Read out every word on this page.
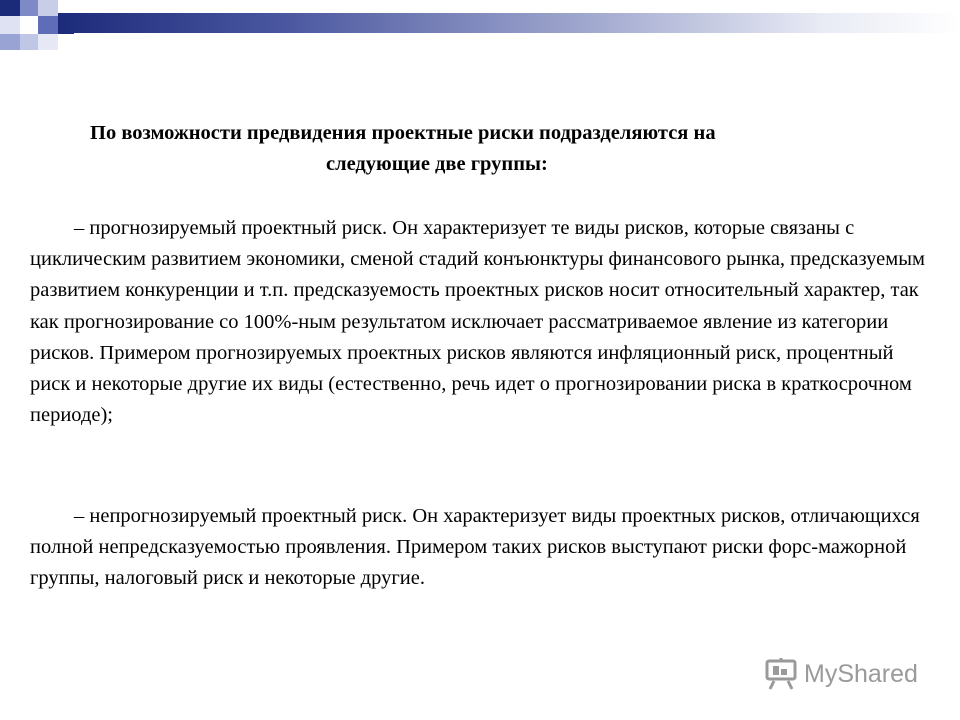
По возможности предвидения проектные риски подразделяются на
следующие две группы:

– прогнозируемый проектный риск. Он характеризует те виды рисков, которые связаны с циклическим развитием экономики, сменой стадий конъюнктуры финансового рынка, предсказуемым развитием конкуренции и т.п. предсказуемость проектных рисков носит относительный характер, так как прогнозирование со 100%-ным результатом исключает рассматриваемое явление из категории рисков. Примером прогнозируемых проектных рисков являются инфляционный риск, процентный риск и некоторые другие их виды (естественно, речь идет о прогнозировании риска в краткосрочном периоде);

– непрогнозируемый проектный риск. Он характеризует виды проектных рисков, отличающихся полной непредсказуемостью проявления. Примером таких рисков выступают риски форс-мажорной группы, налоговый риск и некоторые другие.

MyShared
